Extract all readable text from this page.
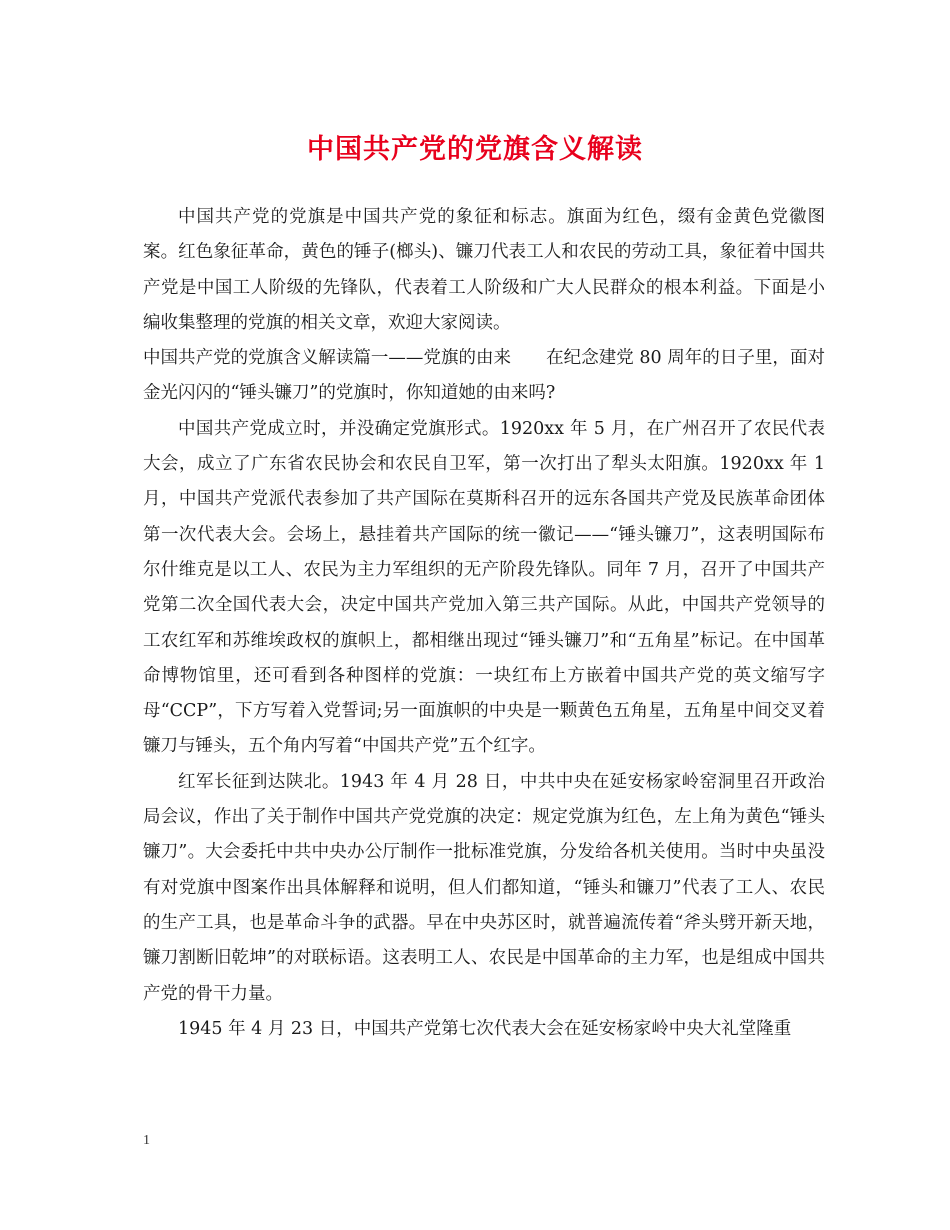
中国共产党的党旗含义解读

中国共产党的党旗是中国共产党的象征和标志。旗面为红色，缀有金黄色党徽图案。红色象征革命，黄色的锤子(榔头)、镰刀代表工人和农民的劳动工具，象征着中国共产党是中国工人阶级的先锋队，代表着工人阶级和广大人民群众的根本利益。下面是小编收集整理的党旗的相关文章，欢迎大家阅读。

中国共产党的党旗含义解读篇一——党旗的由来　　在纪念建党 80 周年的日子里，面对金光闪闪的“锤头镰刀”的党旗时，你知道她的由来吗?

中国共产党成立时，并没确定党旗形式。1920xx 年 5 月，在广州召开了农民代表大会，成立了广东省农民协会和农民自卫军，第一次打出了犁头太阳旗。1920xx 年 1 月，中国共产党派代表参加了共产国际在莫斯科召开的远东各国共产党及民族革命团体第一次代表大会。会场上，悬挂着共产国际的统一徽记——“锤头镰刀”，这表明国际布尔什维克是以工人、农民为主力军组织的无产阶段先锋队。同年 7 月，召开了中国共产党第二次全国代表大会，决定中国共产党加入第三共产国际。从此，中国共产党领导的工农红军和苏维埃政权的旗帜上，都相继出现过“锤头镰刀”和“五角星”标记。在中国革命博物馆里，还可看到各种图样的党旗：一块红布上方嵌着中国共产党的英文缩写字母“CCP”，下方写着入党誓词;另一面旗帜的中央是一颗黄色五角星，五角星中间交叉着镰刀与锤头，五个角内写着“中国共产党”五个红字。

红军长征到达陕北。1943 年 4 月 28 日，中共中央在延安杨家岭窑洞里召开政治局会议，作出了关于制作中国共产党党旗的决定：规定党旗为红色，左上角为黄色“锤头镰刀”。大会委托中共中央办公厅制作一批标准党旗，分发给各机关使用。当时中央虽没有对党旗中图案作出具体解释和说明，但人们都知道，“锤头和镰刀”代表了工人、农民的生产工具，也是革命斗争的武器。早在中央苏区时，就普遍流传着“斧头劈开新天地，镰刀割断旧乾坤”的对联标语。这表明工人、农民是中国革命的主力军，也是组成中国共产党的骨干力量。

1945 年 4 月 23 日，中国共产党第七次代表大会在延安杨家岭中央大礼堂隆重

1
